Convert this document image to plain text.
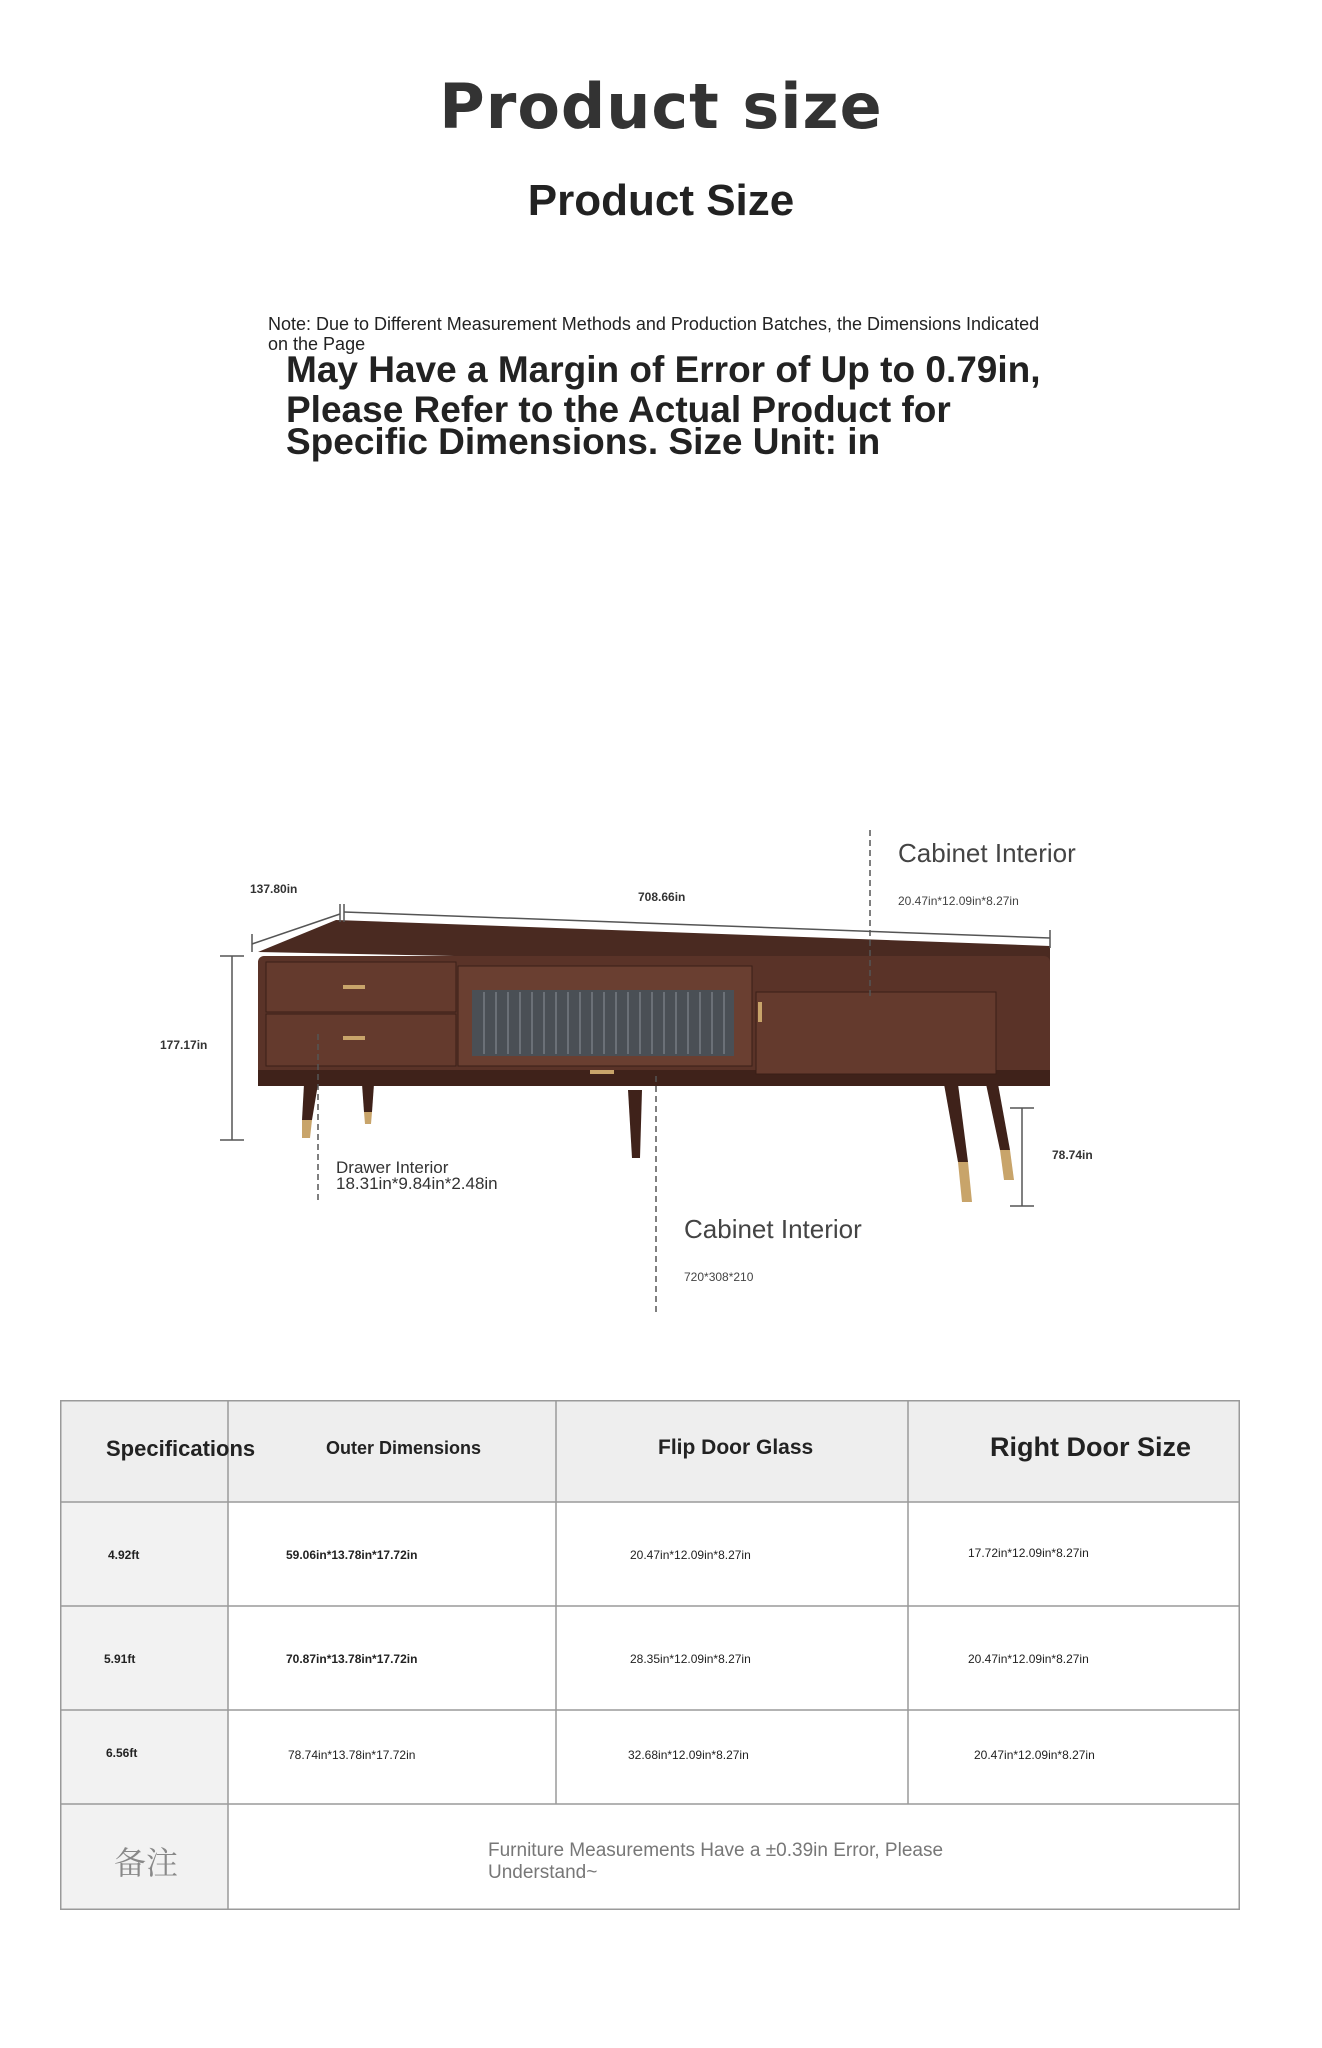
Product size
Product Size
Note: Due to Different Measurement Methods and Production Batches, the Dimensions Indicated on the Page
May Have a Margin of Error of Up to 0.79in,
Please Refer to the Actual Product for
Specific Dimensions. Size Unit: in
137.80in
708.66in
177.17in
78.74in
Cabinet Interior
20.47in*12.09in*8.27in
Drawer Interior
18.31in*9.84in*2.48in
Cabinet Interior
720*308*210
Specifications	Outer Dimensions	Flip Door Glass	Right Door Size
4.92ft	59.06in*13.78in*17.72in	20.47in*12.09in*8.27in	17.72in*12.09in*8.27in
5.91ft	70.87in*13.78in*17.72in	28.35in*12.09in*8.27in	20.47in*12.09in*8.27in
6.56ft	78.74in*13.78in*17.72in	32.68in*12.09in*8.27in	20.47in*12.09in*8.27in
备注	Furniture Measurements Have a ±0.39in Error, Please Understand~
